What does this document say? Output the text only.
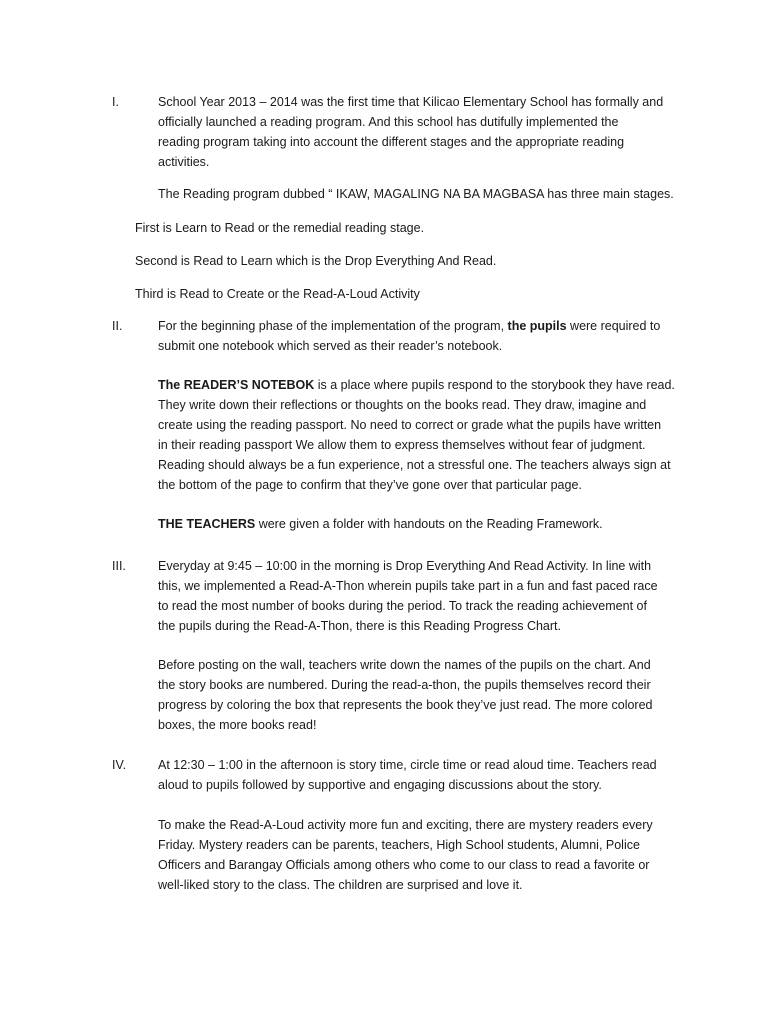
I.	School Year 2013 – 2014 was the first time that Kilicao Elementary School has formally and
officially launched a reading program. And this school has dutifully implemented the
reading program taking into account the different stages and the appropriate reading
activities.
The Reading program dubbed “ IKAW, MAGALING NA BA MAGBASA has three main stages.
First is Learn to Read or the remedial reading stage.
Second is Read to Learn which is the Drop Everything And Read.
Third is Read to Create or the Read-A-Loud Activity
II.	For the beginning phase of the implementation of the program, the pupils were required to
submit one notebook which served as their reader’s notebook.
The READER’S NOTEBOK is a place where pupils respond to the storybook they have read.
They write down their reflections or thoughts on the books read. They draw, imagine and
create using the reading passport. No need to correct or grade what the pupils have written
in their reading passport We allow them to express themselves without fear of judgment.
Reading should always be a fun experience, not a stressful one. The teachers always sign at
the bottom of the page to confirm that they’ve gone over that particular page.
THE TEACHERS were given a folder with handouts on the Reading Framework.
III.	Everyday at 9:45 – 10:00 in the morning is Drop Everything And Read Activity. In line with
this, we implemented a Read-A-Thon wherein pupils take part in a fun and fast paced race
to read the most number of books during the period. To track the reading achievement of
the pupils during the Read-A-Thon, there is this Reading Progress Chart.
Before posting on the wall, teachers write down the names of the pupils on the chart. And
the story books are numbered. During the read-a-thon, the pupils themselves record their
progress by coloring the box that represents the book they’ve just read. The more colored
boxes, the more books read!
IV.	At 12:30 – 1:00 in the afternoon is story time, circle time or read aloud time. Teachers read
aloud to pupils followed by supportive and engaging discussions about the story.
To make the Read-A-Loud activity more fun and exciting, there are mystery readers every
Friday. Mystery readers can be parents, teachers, High School students, Alumni, Police
Officers and Barangay Officials among others who come to our class to read a favorite or
well-liked story to the class. The children are surprised and love it.
